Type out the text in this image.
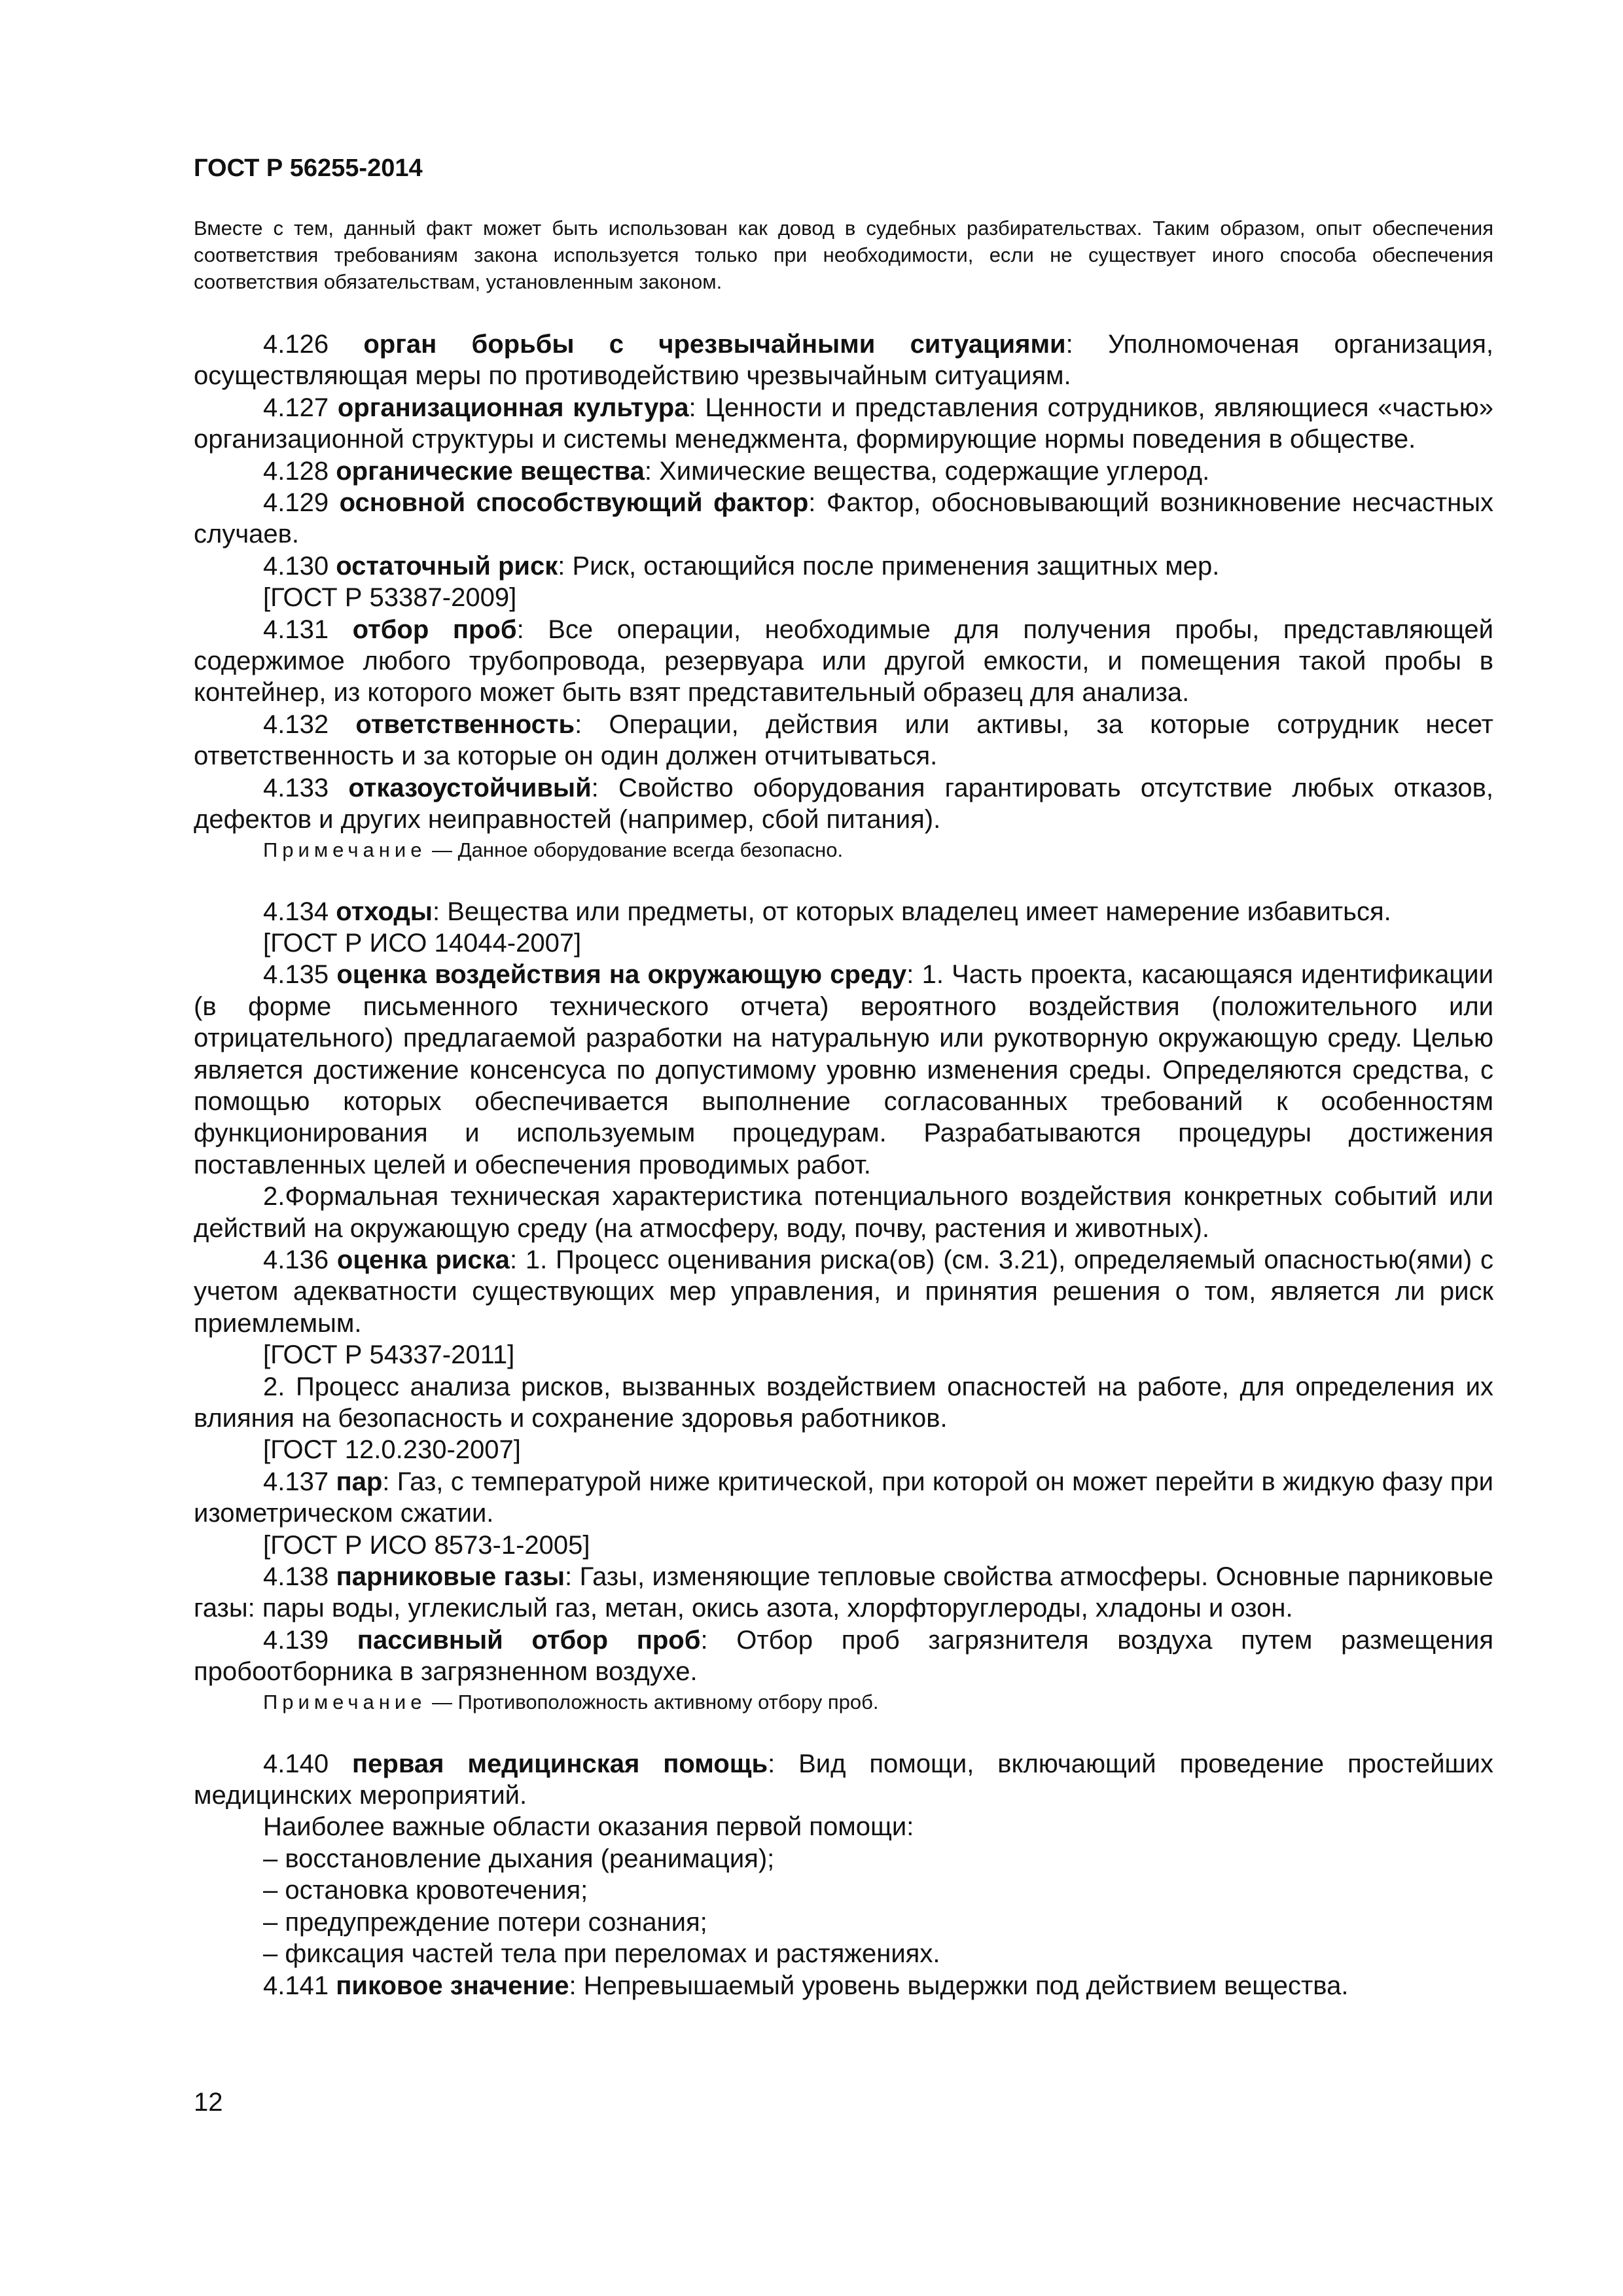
ГОСТ Р 56255-2014

Вместе с тем, данный факт может быть использован как довод в судебных разбирательствах. Таким образом, опыт обеспечения соответствия требованиям закона используется только при необходимости, если не существует иного способа обеспечения соответствия обязательствам, установленным законом.

4.126 орган борьбы с чрезвычайными ситуациями: Уполномоченая организация, осуществляющая меры по противодействию чрезвычайным ситуациям.

4.127 организационная культура: Ценности и представления сотрудников, являющиеся «частью» организационной структуры и системы менеджмента, формирующие нормы поведения в обществе.

4.128 органические вещества: Химические вещества, содержащие углерод.

4.129 основной способствующий фактор: Фактор, обосновывающий возникновение несчастных случаев.

4.130 остаточный риск: Риск, остающийся после применения защитных мер.

[ГОСТ Р 53387-2009]

4.131 отбор проб: Все операции, необходимые для получения пробы, представляющей содержимое любого трубопровода, резервуара или другой емкости, и помещения такой пробы в контейнер, из которого может быть взят представительный образец для анализа.

4.132 ответственность: Операции, действия или активы, за которые сотрудник несет ответственность и за которые он один должен отчитываться.

4.133 отказоустойчивый: Свойство оборудования гарантировать отсутствие любых отказов, дефектов и других неиправностей (например, сбой питания).

Примечание — Данное оборудование всегда безопасно.

4.134 отходы: Вещества или предметы, от которых владелец имеет намерение избавиться.

[ГОСТ Р ИСО 14044-2007]

4.135 оценка воздействия на окружающую среду: 1. Часть проекта, касающаяся идентификации (в форме письменного технического отчета) вероятного воздействия (положительного или отрицательного) предлагаемой разработки на натуральную или рукотворную окружающую среду. Целью является достижение консенсуса по допустимому уровню изменения среды. Определяются средства, с помощью которых обеспечивается выполнение согласованных требований к особенностям функционирования и используемым процедурам. Разрабатываются процедуры достижения поставленных целей и обеспечения проводимых работ.

2.Формальная техническая характеристика потенциального воздействия конкретных событий или действий на окружающую среду (на атмосферу, воду, почву, растения и животных).

4.136 оценка риска: 1. Процесс оценивания риска(ов) (см. 3.21), определяемый опасностью(ями) с учетом адекватности существующих мер управления, и принятия решения о том, является ли риск приемлемым.

[ГОСТ Р 54337-2011]

2. Процесс анализа рисков, вызванных воздействием опасностей на работе, для определения их влияния на безопасность и сохранение здоровья работников.

[ГОСТ 12.0.230-2007]

4.137 пар: Газ, с температурой ниже критической, при которой он может перейти в жидкую фазу при изометрическом сжатии.

[ГОСТ Р ИСО 8573-1-2005]

4.138 парниковые газы: Газы, изменяющие тепловые свойства атмосферы. Основные парниковые газы: пары воды, углекислый газ, метан, окись азота, хлорфторуглероды, хладоны и озон.

4.139 пассивный отбор проб: Отбор проб загрязнителя воздуха путем размещения пробоотборника в загрязненном воздухе.

Примечание — Противоположность активному отбору проб.

4.140 первая медицинская помощь: Вид помощи, включающий проведение простейших медицинских мероприятий.

Наиболее важные области оказания первой помощи:

– восстановление дыхания (реанимация);

– остановка кровотечения;

– предупреждение потери сознания;

– фиксация частей тела при переломах и растяжениях.

4.141 пиковое значение: Непревышаемый уровень выдержки под действием вещества.

12
